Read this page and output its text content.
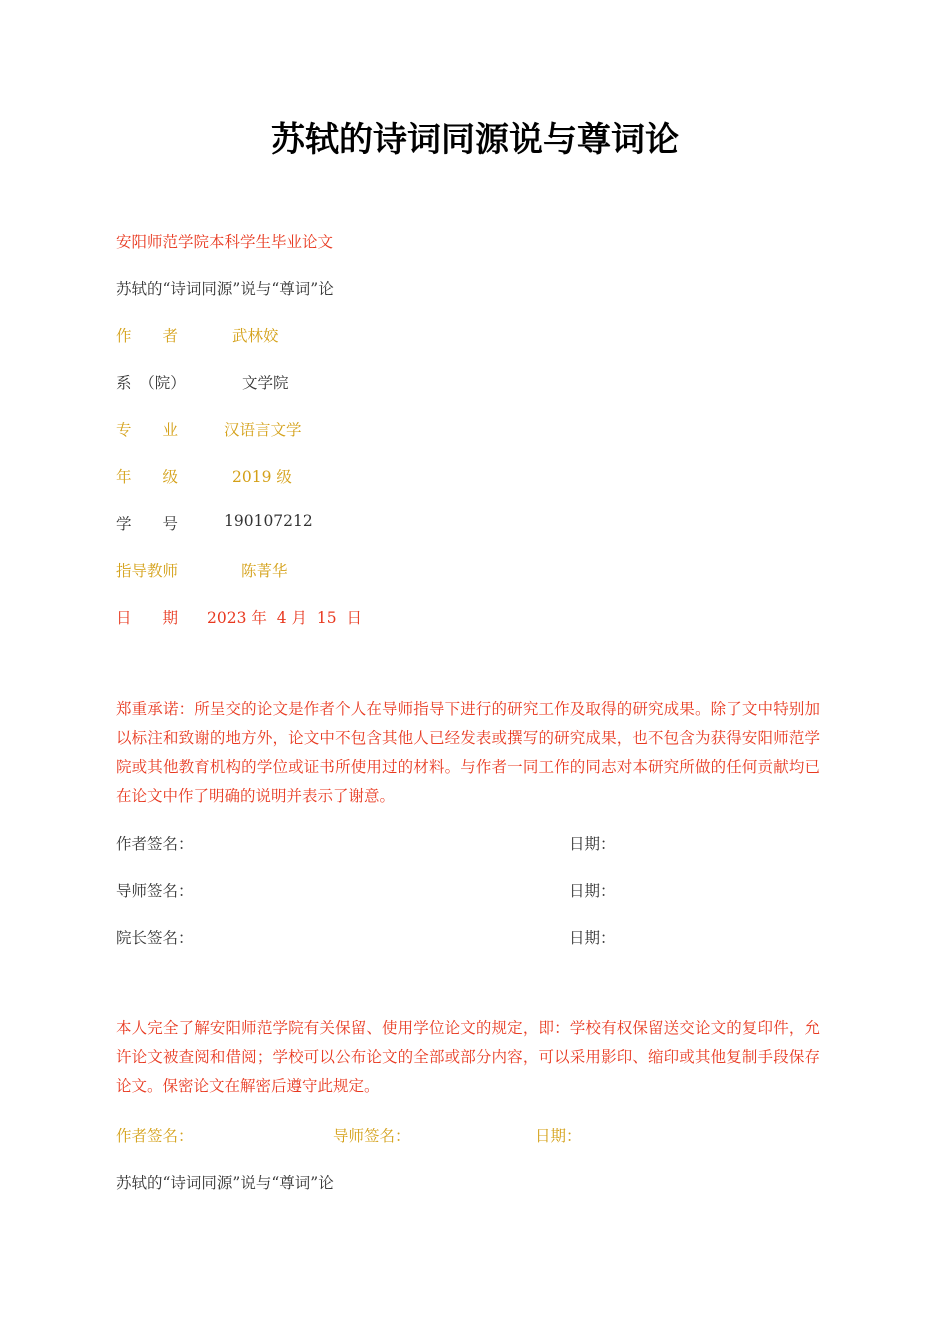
苏轼的诗词同源说与尊词论
安阳师范学院本科学生毕业论文
苏轼的“诗词同源”说与“尊词”论
作　　者	武林姣
系　（院）	文学院
专　　业	汉语言文学
年　　级	2019 级
学　　号	190107212
指导教师	陈菁华
日　　期 2023 年  4 月  15  日
郑重承诺：所呈交的论文是作者个人在导师指导下进行的研究工作及取得的研究成果。除了文中特别加以标注和致谢的地方外，论文中不包含其他人已经发表或撰写的研究成果，也不包含为获得安阳师范学院或其他教育机构的学位或证书所使用过的材料。与作者一同工作的同志对本研究所做的任何贡献均已在论文中作了明确的说明并表示了谢意。
作者签名：	日期：
导师签名：	日期：
院长签名：	日期：
本人完全了解安阳师范学院有关保留、使用学位论文的规定，即：学校有权保留送交论文的复印件，允许论文被查阅和借阅；学校可以公布论文的全部或部分内容，可以采用影印、缩印或其他复制手段保存论文。保密论文在解密后遵守此规定。
作者签名：	导师签名：	日期：
苏轼的“诗词同源”说与“尊词”论
